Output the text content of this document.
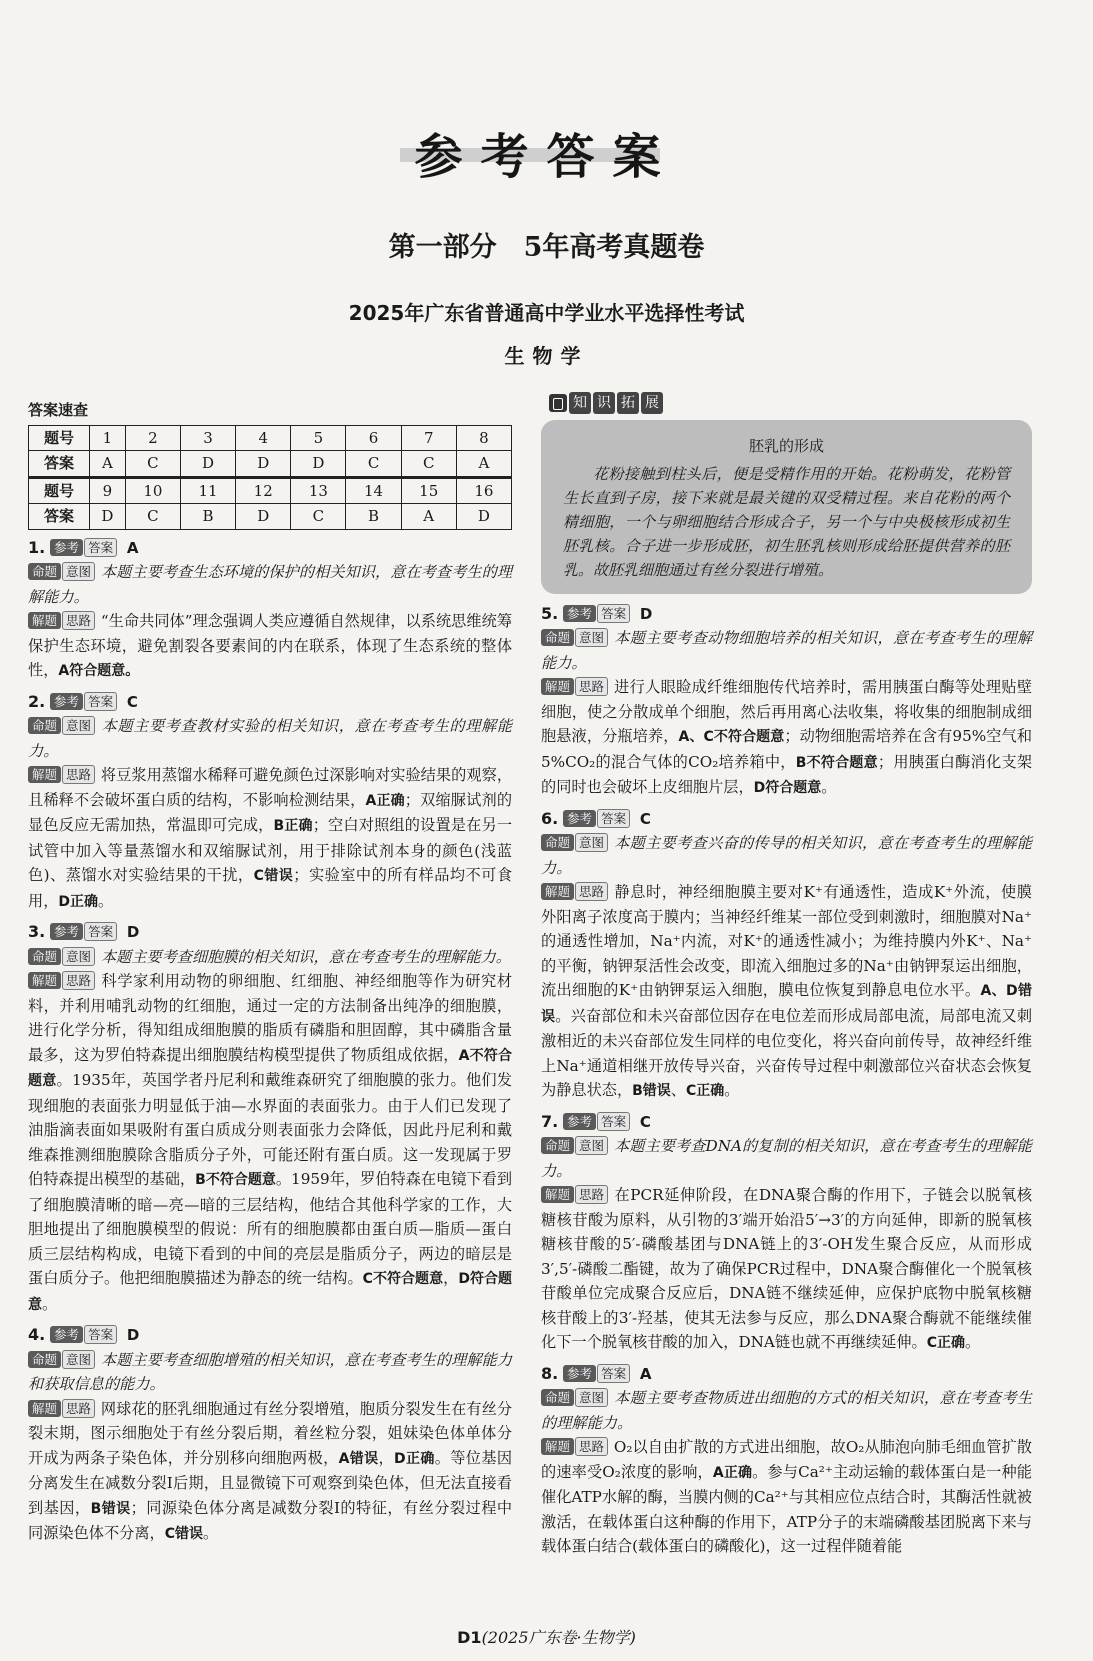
参考答案
第一部分　5年高考真题卷
2025年广东省普通高中学业水平选择性考试
生物学
答案速查
题号	1	2	3	4	5	6	7	8
答案	A	C	D	D	D	C	C	A
题号	9	10	11	12	13	14	15	16
答案	D	C	B	D	C	B	A	D
1. 参考 答案 A
命题 意图 本题主要考查生态环境的保护的相关知识，意在考查考生的理解能力。
解题 思路 “生命共同体”理念强调人类应遵循自然规律，以系统思维统筹保护生态环境，避免割裂各要素间的内在联系，体现了生态系统的整体性，A符合题意。
2. 参考 答案 C
命题 意图 本题主要考查教材实验的相关知识，意在考查考生的理解能力。
解题 思路 将豆浆用蒸馏水稀释可避免颜色过深影响对实验结果的观察，且稀释不会破坏蛋白质的结构，不影响检测结果，A正确；双缩脲试剂的显色反应无需加热，常温即可完成，B正确；空白对照组的设置是在另一试管中加入等量蒸馏水和双缩脲试剂，用于排除试剂本身的颜色(浅蓝色)、蒸馏水对实验结果的干扰，C错误；实验室中的所有样品均不可食用，D正确。
3. 参考 答案 D
命题 意图 本题主要考查细胞膜的相关知识，意在考查考生的理解能力。
解题 思路 科学家利用动物的卵细胞、红细胞、神经细胞等作为研究材料，并利用哺乳动物的红细胞，通过一定的方法制备出纯净的细胞膜，进行化学分析，得知组成细胞膜的脂质有磷脂和胆固醇，其中磷脂含量最多，这为罗伯特森提出细胞膜结构模型提供了物质组成依据，A不符合题意。1935年，英国学者丹尼利和戴维森研究了细胞膜的张力。他们发现细胞的表面张力明显低于油—水界面的表面张力。由于人们已发现了油脂滴表面如果吸附有蛋白质成分则表面张力会降低，因此丹尼利和戴维森推测细胞膜除含脂质分子外，可能还附有蛋白质。这一发现属于罗伯特森提出模型的基础，B不符合题意。1959年，罗伯特森在电镜下看到了细胞膜清晰的暗—亮—暗的三层结构，他结合其他科学家的工作，大胆地提出了细胞膜模型的假说：所有的细胞膜都由蛋白质—脂质—蛋白质三层结构构成，电镜下看到的中间的亮层是脂质分子，两边的暗层是蛋白质分子。他把细胞膜描述为静态的统一结构。C不符合题意，D符合题意。
4. 参考 答案 D
命题 意图 本题主要考查细胞增殖的相关知识，意在考查考生的理解能力和获取信息的能力。
解题 思路 网球花的胚乳细胞通过有丝分裂增殖，胞质分裂发生在有丝分裂末期，图示细胞处于有丝分裂后期，着丝粒分裂，姐妹染色体单体分开成为两条子染色体，并分别移向细胞两极，A错误，D正确。等位基因分离发生在减数分裂Ⅰ后期，且显微镜下可观察到染色体，但无法直接看到基因，B错误；同源染色体分离是减数分裂Ⅰ的特征，有丝分裂过程中同源染色体不分离，C错误。
知 识 拓 展
胚乳的形成
花粉接触到柱头后，便是受精作用的开始。花粉萌发，花粉管生长直到子房，接下来就是最关键的双受精过程。来自花粉的两个精细胞，一个与卵细胞结合形成合子，另一个与中央极核形成初生胚乳核。合子进一步形成胚，初生胚乳核则形成给胚提供营养的胚乳。故胚乳细胞通过有丝分裂进行增殖。
5. 参考 答案 D
命题 意图 本题主要考查动物细胞培养的相关知识，意在考查考生的理解能力。
解题 思路 进行人眼睑成纤维细胞传代培养时，需用胰蛋白酶等处理贴壁细胞，使之分散成单个细胞，然后再用离心法收集，将收集的细胞制成细胞悬液，分瓶培养，A、C不符合题意；动物细胞需培养在含有95%空气和5%CO₂的混合气体的CO₂培养箱中，B不符合题意；用胰蛋白酶消化支架的同时也会破坏上皮细胞片层，D符合题意。
6. 参考 答案 C
命题 意图 本题主要考查兴奋的传导的相关知识，意在考查考生的理解能力。
解题 思路 静息时，神经细胞膜主要对K⁺有通透性，造成K⁺外流，使膜外阳离子浓度高于膜内；当神经纤维某一部位受到刺激时，细胞膜对Na⁺的通透性增加，Na⁺内流，对K⁺的通透性减小；为维持膜内外K⁺、Na⁺的平衡，钠钾泵活性会改变，即流入细胞过多的Na⁺由钠钾泵运出细胞，流出细胞的K⁺由钠钾泵运入细胞，膜电位恢复到静息电位水平。A、D错误。兴奋部位和未兴奋部位因存在电位差而形成局部电流，局部电流又刺激相近的未兴奋部位发生同样的电位变化，将兴奋向前传导，故神经纤维上Na⁺通道相继开放传导兴奋，兴奋传导过程中刺激部位兴奋状态会恢复为静息状态，B错误、C正确。
7. 参考 答案 C
命题 意图 本题主要考查DNA的复制的相关知识，意在考查考生的理解能力。
解题 思路 在PCR延伸阶段，在DNA聚合酶的作用下，子链会以脱氧核糖核苷酸为原料，从引物的3′端开始沿5′→3′的方向延伸，即新的脱氧核糖核苷酸的5′-磷酸基团与DNA链上的3′-OH发生聚合反应，从而形成3′,5′-磷酸二酯键，故为了确保PCR过程中，DNA聚合酶催化一个脱氧核苷酸单位完成聚合反应后，DNA链不继续延伸，应保护底物中脱氧核糖核苷酸上的3′-羟基，使其无法参与反应，那么DNA聚合酶就不能继续催化下一个脱氧核苷酸的加入，DNA链也就不再继续延伸。C正确。
8. 参考 答案 A
命题 意图 本题主要考查物质进出细胞的方式的相关知识，意在考查考生的理解能力。
解题 思路 O₂以自由扩散的方式进出细胞，故O₂从肺泡向肺毛细血管扩散的速率受O₂浓度的影响，A正确。参与Ca²⁺主动运输的载体蛋白是一种能催化ATP水解的酶，当膜内侧的Ca²⁺与其相应位点结合时，其酶活性就被激活，在载体蛋白这种酶的作用下，ATP分子的末端磷酸基团脱离下来与载体蛋白结合(载体蛋白的磷酸化)，这一过程伴随着能
D1(2025广东卷·生物学)
